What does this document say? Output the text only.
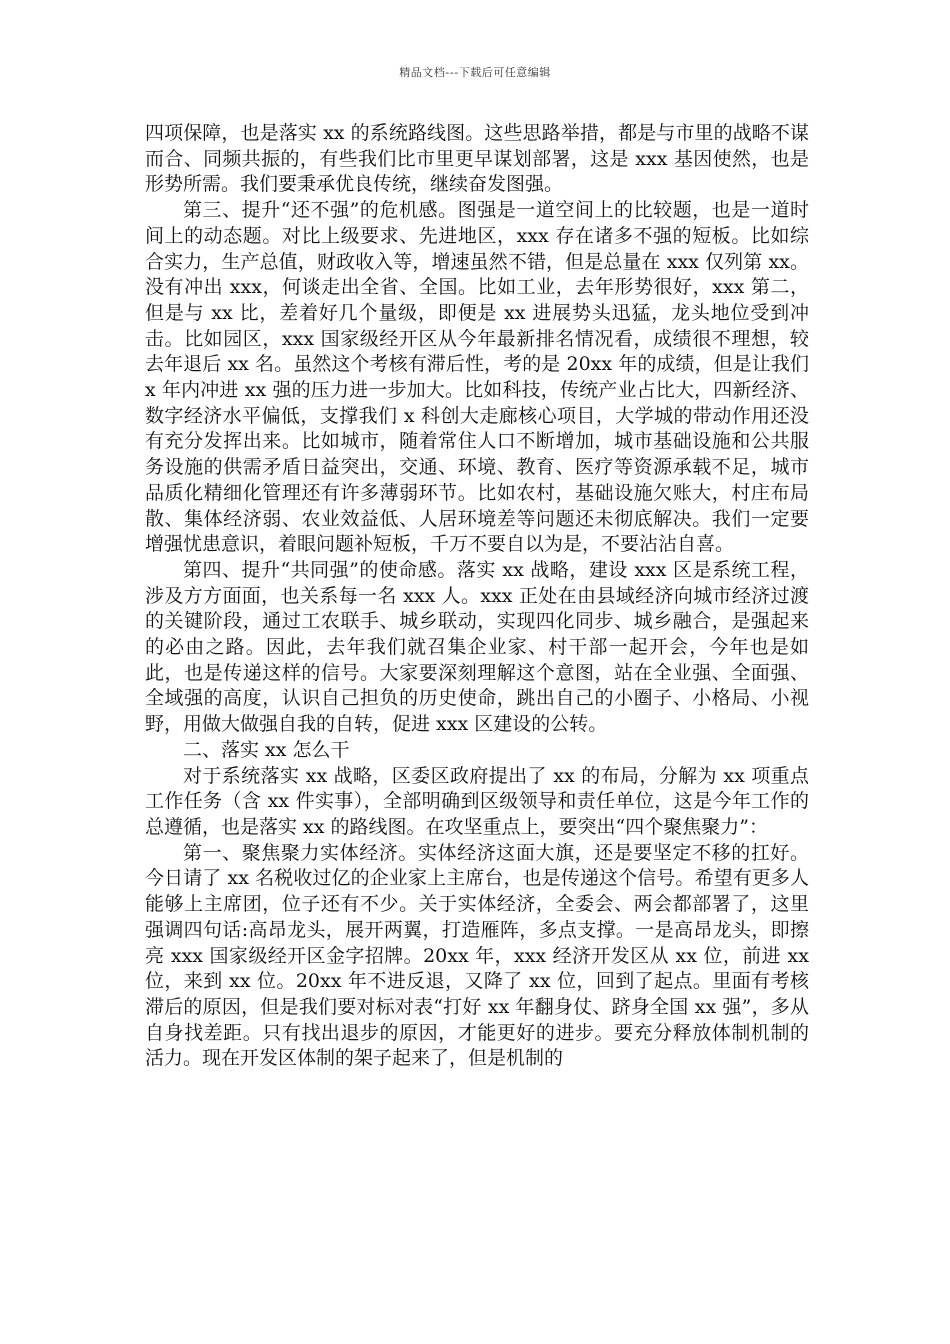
精品文档---下载后可任意编辑

四项保障，也是落实 xx 的系统路线图。这些思路举措，都是与市里的战略不谋而合、同频共振的，有些我们比市里更早谋划部署，这是 xxx 基因使然，也是形势所需。我们要秉承优良传统，继续奋发图强。

第三、提升“还不强”的危机感。图强是一道空间上的比较题，也是一道时间上的动态题。对比上级要求、先进地区，xxx 存在诸多不强的短板。比如综合实力，生产总值，财政收入等，增速虽然不错，但是总量在 xxx 仅列第 xx。没有冲出 xxx，何谈走出全省、全国。比如工业，去年形势很好，xxx 第二，但是与 xx 比，差着好几个量级，即便是 xx 进展势头迅猛，龙头地位受到冲击。比如园区，xxx 国家级经开区从今年最新排名情况看，成绩很不理想，较去年退后 xx 名。虽然这个考核有滞后性，考的是 20xx 年的成绩，但是让我们 x 年内冲进 xx 强的压力进一步加大。比如科技，传统产业占比大，四新经济、数字经济水平偏低，支撑我们 x 科创大走廊核心项目，大学城的带动作用还没有充分发挥出来。比如城市，随着常住人口不断增加，城市基础设施和公共服务设施的供需矛盾日益突出，交通、环境、教育、医疗等资源承载不足，城市品质化精细化管理还有许多薄弱环节。比如农村，基础设施欠账大，村庄布局散、集体经济弱、农业效益低、人居环境差等问题还未彻底解决。我们一定要增强忧患意识，着眼问题补短板，千万不要自以为是，不要沾沾自喜。

第四、提升“共同强”的使命感。落实 xx 战略，建设 xxx 区是系统工程，涉及方方面面，也关系每一名 xxx 人。xxx 正处在由县域经济向城市经济过渡的关键阶段，通过工农联手、城乡联动，实现四化同步、城乡融合，是强起来的必由之路。因此，去年我们就召集企业家、村干部一起开会，今年也是如此，也是传递这样的信号。大家要深刻理解这个意图，站在全业强、全面强、全域强的高度，认识自己担负的历史使命，跳出自己的小圈子、小格局、小视野，用做大做强自我的自转，促进 xxx 区建设的公转。

二、落实 xx 怎么干

对于系统落实 xx 战略，区委区政府提出了 xx 的布局，分解为 xx 项重点工作任务（含 xx 件实事），全部明确到区级领导和责任单位，这是今年工作的总遵循，也是落实 xx 的路线图。在攻坚重点上，要突出“四个聚焦聚力”：

第一、聚焦聚力实体经济。实体经济这面大旗，还是要坚定不移的扛好。今日请了 xx 名税收过亿的企业家上主席台，也是传递这个信号。希望有更多人能够上主席团，位子还有不少。关于实体经济，全委会、两会都部署了，这里强调四句话:高昂龙头，展开两翼，打造雁阵，多点支撑。一是高昂龙头，即擦亮 xxx 国家级经开区金字招牌。20xx 年，xxx 经济开发区从 xx 位，前进 xx 位，来到 xx 位。20xx 年不进反退，又降了 xx 位，回到了起点。里面有考核滞后的原因，但是我们要对标对表“打好 xx 年翻身仗、跻身全国 xx 强”，多从自身找差距。只有找出退步的原因，才能更好的进步。要充分释放体制机制的活力。现在开发区体制的架子起来了，但是机制的
